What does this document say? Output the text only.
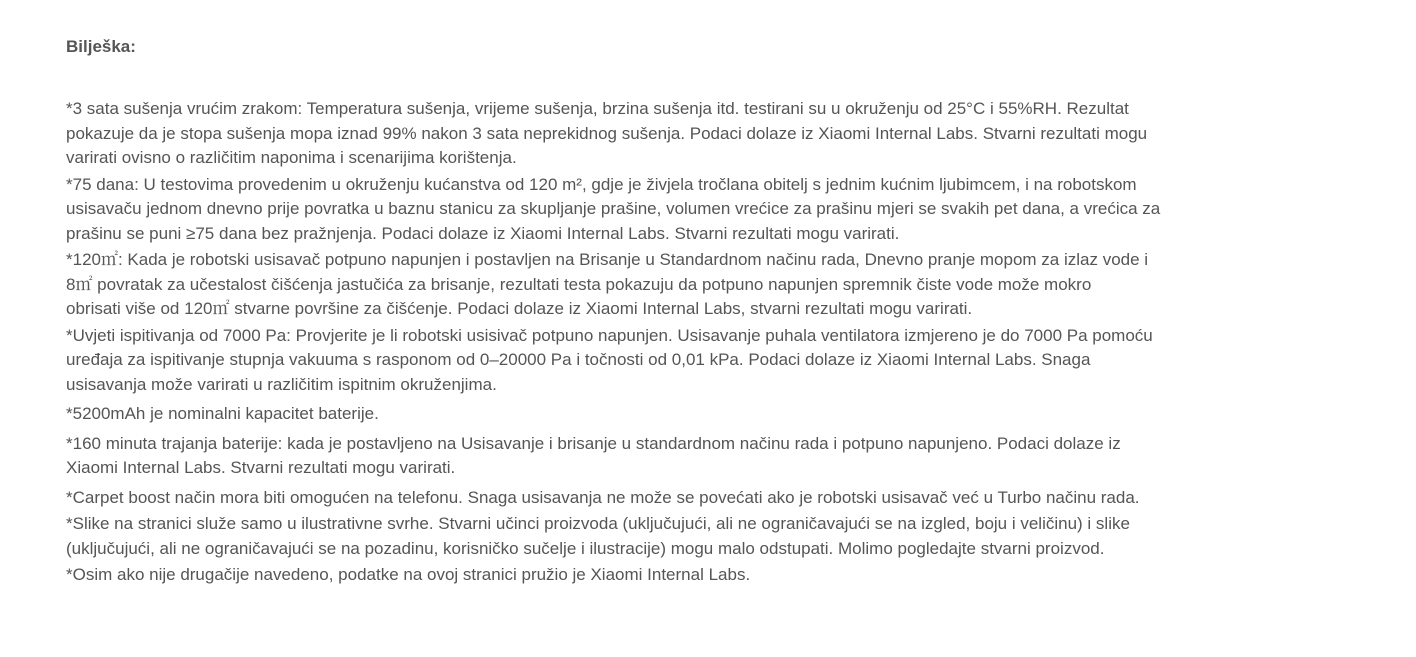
Bilješka:
*3 sata sušenja vrućim zrakom: Temperatura sušenja, vrijeme sušenja, brzina sušenja itd. testirani su u okruženju od 25°C i 55%RH. Rezultat
pokazuje da je stopa sušenja mopa iznad 99% nakon 3 sata neprekidnog sušenja. Podaci dolaze iz Xiaomi Internal Labs. Stvarni rezultati mogu
varirati ovisno o različitim naponima i scenarijima korištenja.
*75 dana: U testovima provedenim u okruženju kućanstva od 120 m², gdje je živjela tročlana obitelj s jednim kućnim ljubimcem, i na robotskom
usisavaču jednom dnevno prije povratka u baznu stanicu za skupljanje prašine, volumen vrećice za prašinu mjeri se svakih pet dana, a vrećica za
prašinu se puni ≥75 dana bez pražnjenja. Podaci dolaze iz Xiaomi Internal Labs. Stvarni rezultati mogu varirati.
*120㎡: Kada je robotski usisavač potpuno napunjen i postavljen na Brisanje u Standardnom načinu rada, Dnevno pranje mopom za izlaz vode i
8㎡ povratak za učestalost čišćenja jastučića za brisanje, rezultati testa pokazuju da potpuno napunjen spremnik čiste vode može mokro
obrisati više od 120㎡ stvarne površine za čišćenje. Podaci dolaze iz Xiaomi Internal Labs, stvarni rezultati mogu varirati.
*Uvjeti ispitivanja od 7000 Pa: Provjerite je li robotski usisivač potpuno napunjen. Usisavanje puhala ventilatora izmjereno je do 7000 Pa pomoću
uređaja za ispitivanje stupnja vakuuma s rasponom od 0–20000 Pa i točnosti od 0,01 kPa. Podaci dolaze iz Xiaomi Internal Labs. Snaga
usisavanja može varirati u različitim ispitnim okruženjima.
*5200mAh je nominalni kapacitet baterije.
*160 minuta trajanja baterije: kada je postavljeno na Usisavanje i brisanje u standardnom načinu rada i potpuno napunjeno. Podaci dolaze iz
Xiaomi Internal Labs. Stvarni rezultati mogu varirati.
*Carpet boost način mora biti omogućen na telefonu. Snaga usisavanja ne može se povećati ako je robotski usisavač već u Turbo načinu rada.
*Slike na stranici služe samo u ilustrativne svrhe. Stvarni učinci proizvoda (uključujući, ali ne ograničavajući se na izgled, boju i veličinu) i slike
(uključujući, ali ne ograničavajući se na pozadinu, korisničko sučelje i ilustracije) mogu malo odstupati. Molimo pogledajte stvarni proizvod.
*Osim ako nije drugačije navedeno, podatke na ovoj stranici pružio je Xiaomi Internal Labs.
